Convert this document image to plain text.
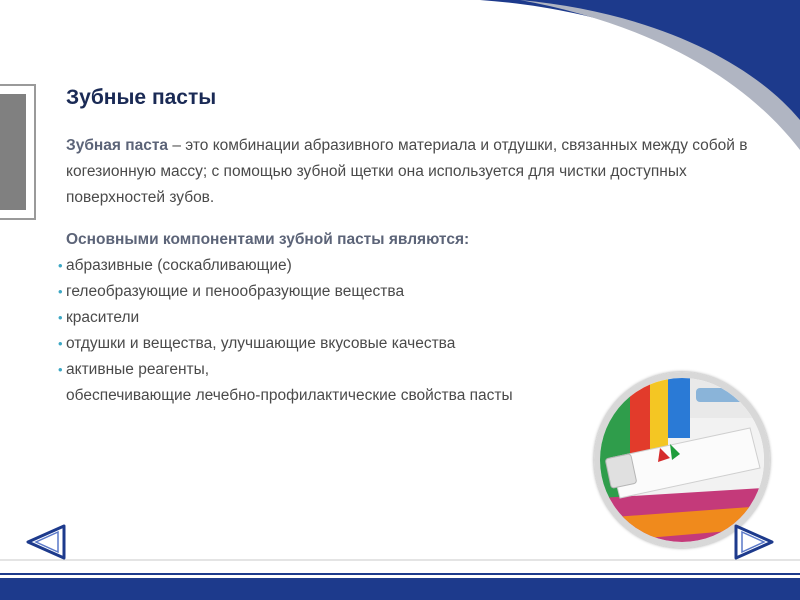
Зубные пасты

Зубная паста – это комбинации абразивного материала и отдушки, связанных между собой в когезионную массу; с помощью зубной щетки она используется для чистки доступных поверхностей зубов.

Основными компонентами зубной пасты являются:

• абразивные (соскабливающие)
• гелеобразующие и пенообразующие вещества
• красители
• отдушки и вещества, улучшающие вкусовые качества
• активные реагенты,

обеспечивающие лечебно-профилактические свойства пасты
